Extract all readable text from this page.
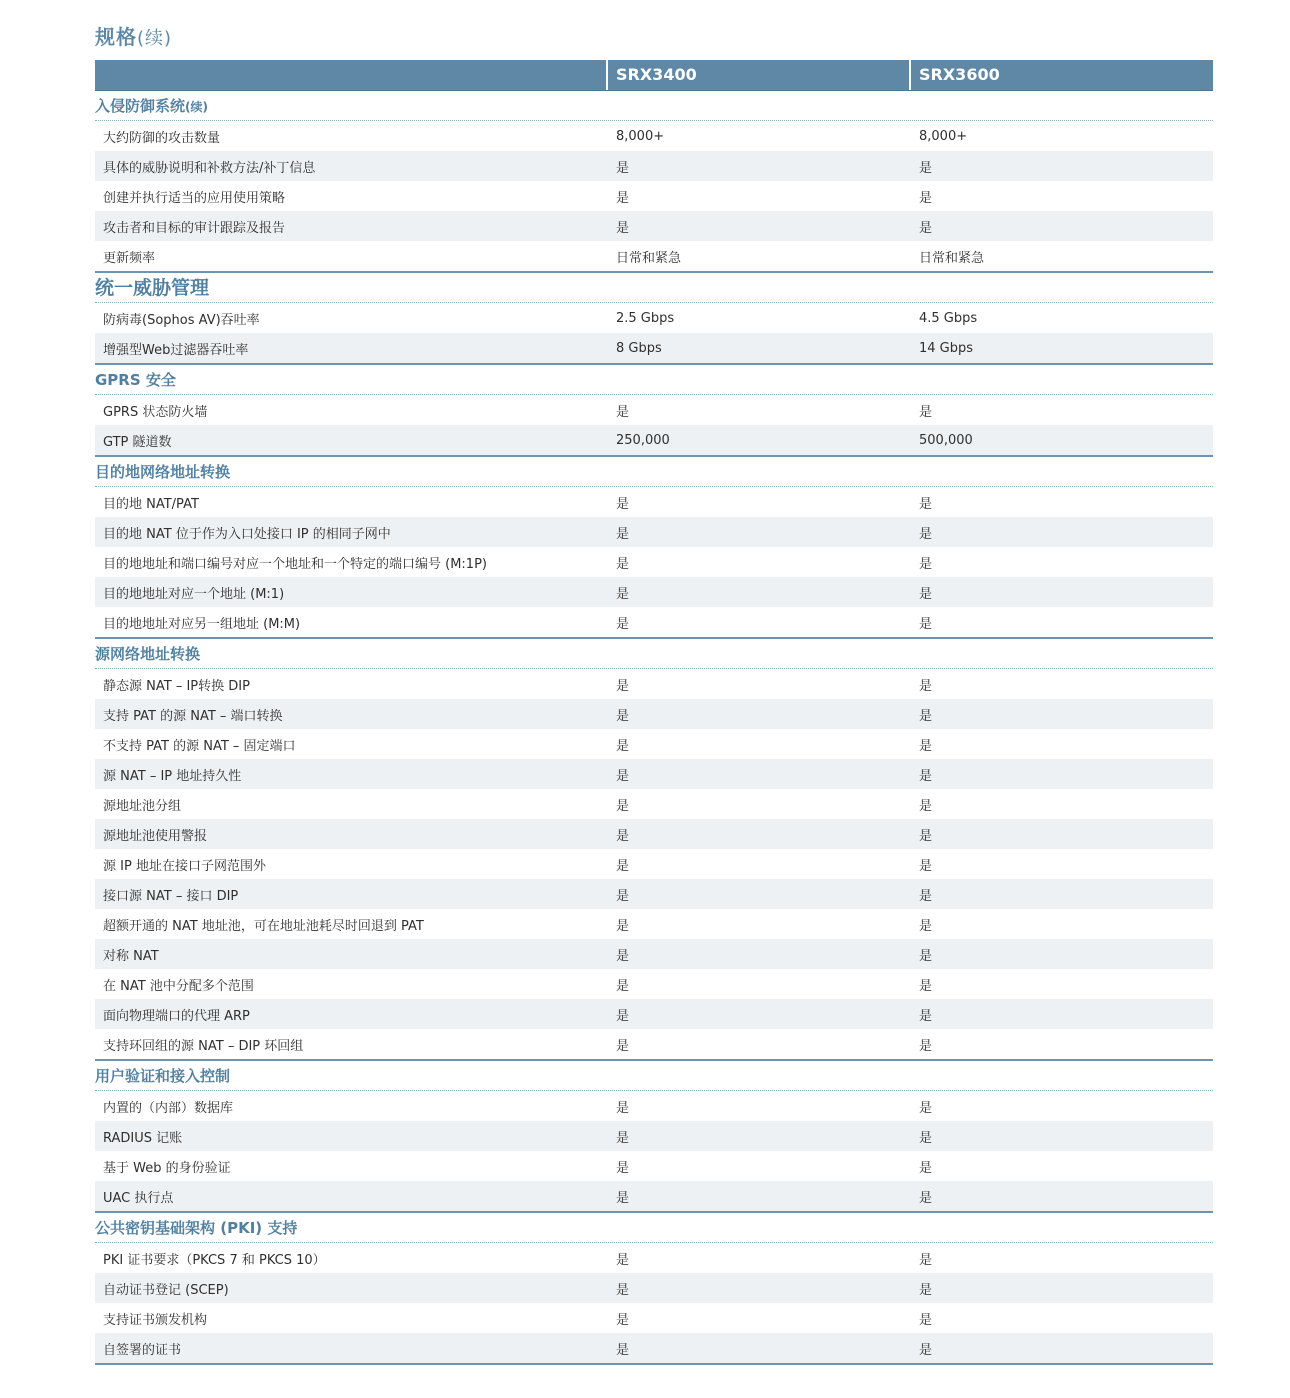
规格(续)
SRX3400	SRX3600
入侵防御系统(续)
大约防御的攻击数量	8,000+	8,000+
具体的威胁说明和补救方法/补丁信息	是	是
创建并执行适当的应用使用策略	是	是
攻击者和目标的审计跟踪及报告	是	是
更新频率	日常和紧急	日常和紧急
统一威胁管理
防病毒(Sophos AV)吞吐率	2.5 Gbps	4.5 Gbps
增强型Web过滤器吞吐率	8 Gbps	14 Gbps
GPRS 安全
GPRS 状态防火墙	是	是
GTP 隧道数	250,000	500,000
目的地网络地址转换
目的地 NAT/PAT	是	是
目的地 NAT 位于作为入口处接口 IP 的相同子网中	是	是
目的地地址和端口编号对应一个地址和一个特定的端口编号 (M:1P)	是	是
目的地地址对应一个地址 (M:1)	是	是
目的地地址对应另一组地址 (M:M)	是	是
源网络地址转换
静态源 NAT – IP转换 DIP	是	是
支持 PAT 的源 NAT – 端口转换	是	是
不支持 PAT 的源 NAT – 固定端口	是	是
源 NAT – IP 地址持久性	是	是
源地址池分组	是	是
源地址池使用警报	是	是
源 IP 地址在接口子网范围外	是	是
接口源 NAT – 接口 DIP	是	是
超额开通的 NAT 地址池，可在地址池耗尽时回退到 PAT	是	是
对称 NAT	是	是
在 NAT 池中分配多个范围	是	是
面向物理端口的代理 ARP	是	是
支持环回组的源 NAT – DIP 环回组	是	是
用户验证和接入控制
内置的（内部）数据库	是	是
RADIUS 记账	是	是
基于 Web 的身份验证	是	是
UAC 执行点	是	是
公共密钥基础架构 (PKI) 支持
PKI 证书要求（PKCS 7 和 PKCS 10）	是	是
自动证书登记 (SCEP)	是	是
支持证书颁发机构	是	是
自签署的证书	是	是
